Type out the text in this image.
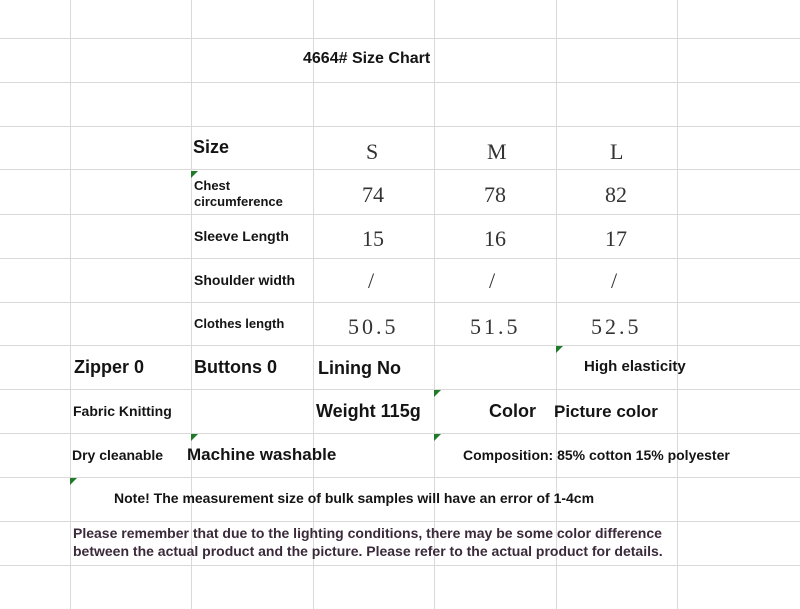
4664# Size Chart
Size	S	M	L
Chest
circumference	74	78	82
Sleeve Length	15	16	17
Shoulder width	/	/	/
Clothes length	50.5	51.5	52.5
Zipper 0	Buttons 0 Lining No	High elasticity
Fabric Knitting	Weight 115g	Color Picture color
Dry cleanable Machine washable	Composition: 85% cotton 15% polyester
Note! The measurement size of bulk samples will have an error of 1-4cm
Please remember that due to the lighting conditions, there may be some color difference
between the actual product and the picture. Please refer to the actual product for details.
